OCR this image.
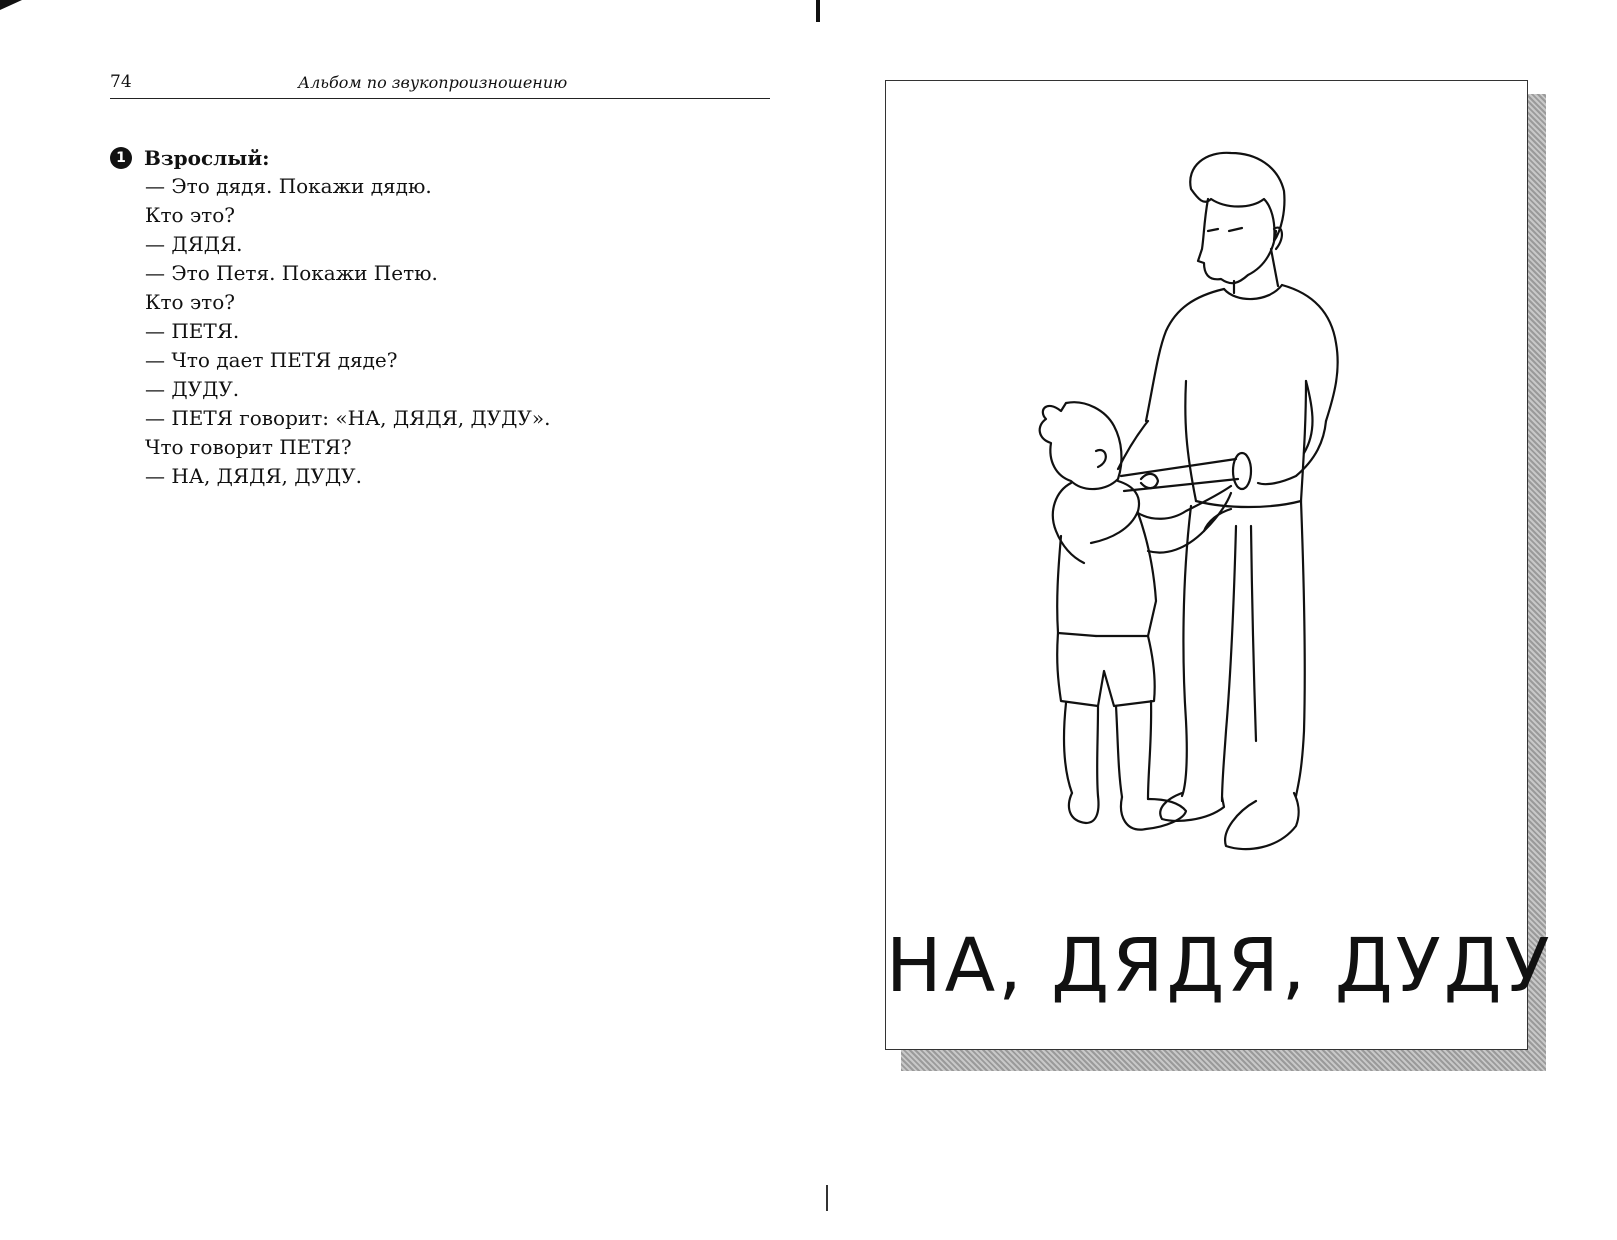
74	Альбом по звукопроизношению
1 Взрослый:
— Это дядя. Покажи дядю.
Кто это?
— ДЯДЯ.
— Это Петя. Покажи Петю.
Кто это?
— ПЕТЯ.
— Что дает ПЕТЯ дяде?
— ДУДУ.
— ПЕТЯ говорит: «НА, ДЯДЯ, ДУДУ».
Что говорит ПЕТЯ?
— НА, ДЯДЯ, ДУДУ.
НА, ДЯДЯ, ДУДУ
